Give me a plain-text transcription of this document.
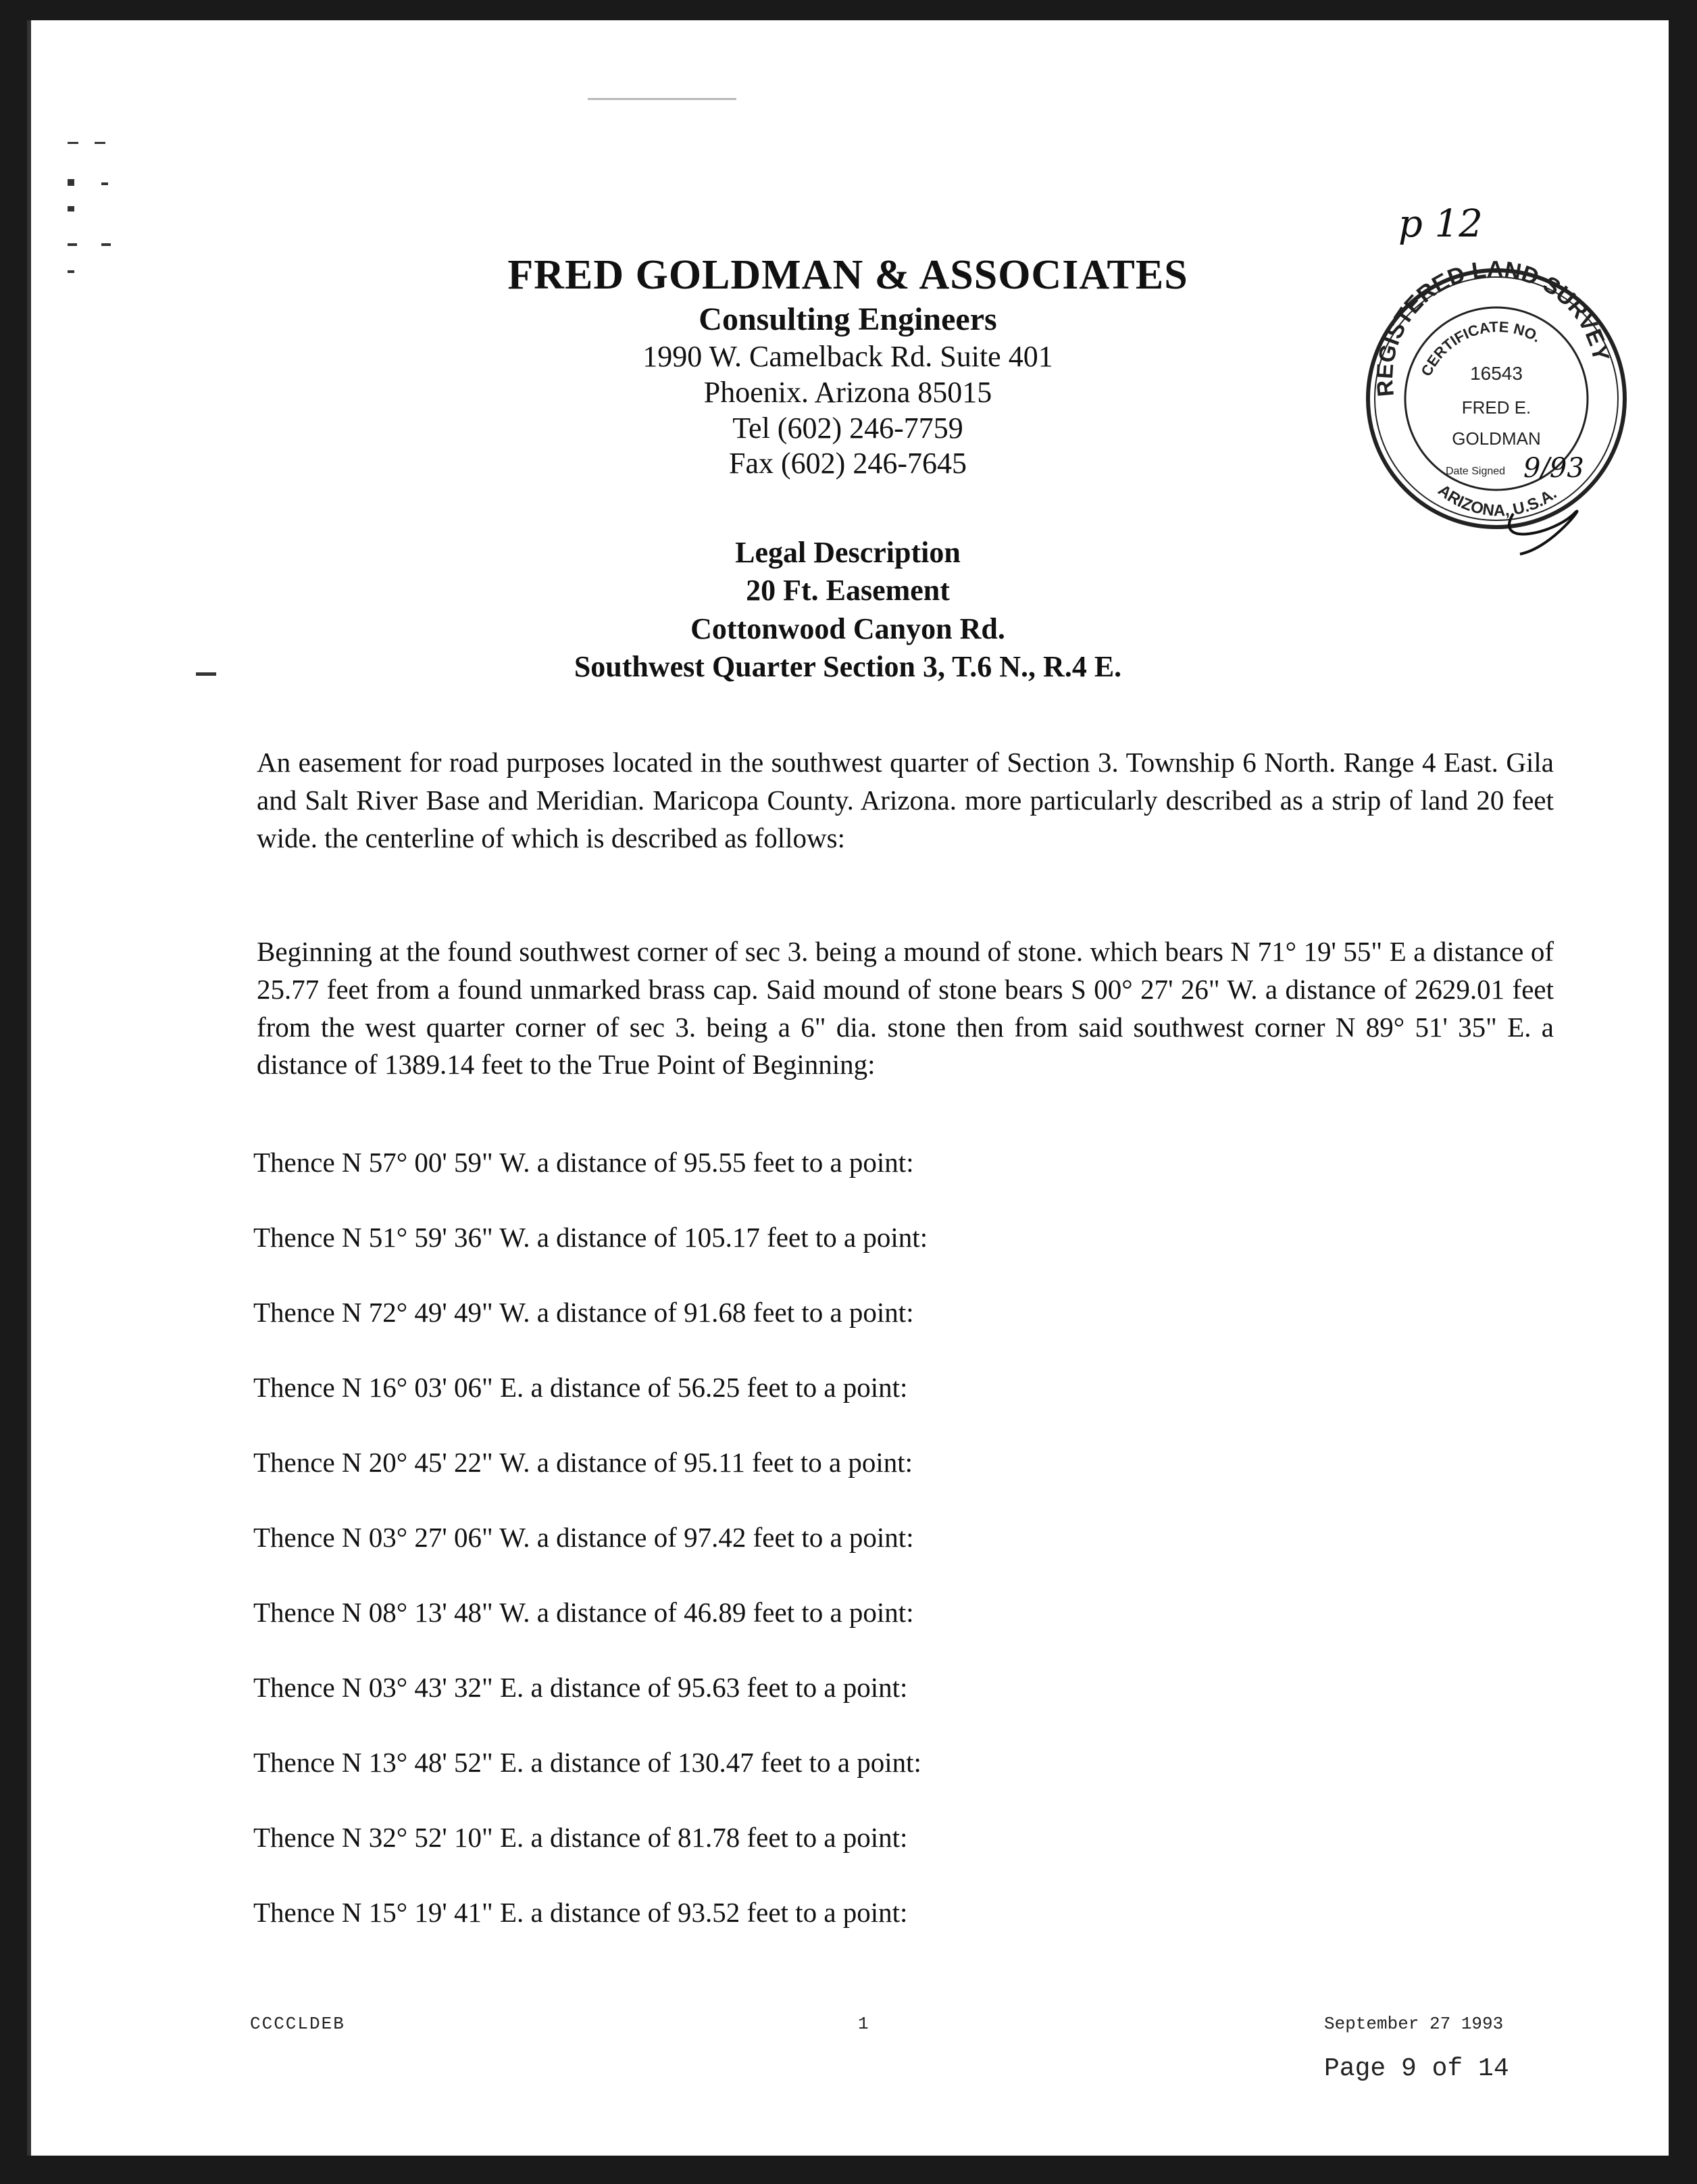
FRED GOLDMAN & ASSOCIATES
Consulting Engineers
1990 W. Camelback Rd. Suite 401
Phoenix. Arizona 85015
Tel (602) 246-7759
Fax (602) 246-7645
REGISTERED LAND SURVEY
CERTIFICATE NO.
16543
FRED E.
GOLDMAN
Date Signed 9/93
ARIZONA, U.S.A.
p 12
Legal Description
20 Ft. Easement
Cottonwood Canyon Rd.
Southwest Quarter Section 3, T.6 N., R.4 E.

An easement for road purposes located in the southwest quarter of Section 3. Township 6 North. Range 4 East. Gila and Salt River Base and Meridian. Maricopa County. Arizona. more particularly described as a strip of land 20 feet wide. the centerline of which is described as follows:

Beginning at the found southwest corner of sec 3. being a mound of stone. which bears N 71° 19' 55" E a distance of 25.77 feet from a found unmarked brass cap. Said mound of stone bears S 00° 27' 26" W. a distance of 2629.01 feet from the west quarter corner of sec 3. being a 6" dia. stone then from said southwest corner N 89° 51' 35" E. a distance of 1389.14 feet to the True Point of Beginning:

Thence N 57° 00' 59" W. a distance of 95.55 feet to a point:
Thence N 51° 59' 36" W. a distance of 105.17 feet to a point:
Thence N 72° 49' 49" W. a distance of 91.68 feet to a point:
Thence N 16° 03' 06" E. a distance of 56.25 feet to a point:
Thence N 20° 45' 22" W. a distance of 95.11 feet to a point:
Thence N 03° 27' 06" W. a distance of 97.42 feet to a point:
Thence N 08° 13' 48" W. a distance of 46.89 feet to a point:
Thence N 03° 43' 32" E. a distance of 95.63 feet to a point:
Thence N 13° 48' 52" E. a distance of 130.47 feet to a point:
Thence N 32° 52' 10" E. a distance of 81.78 feet to a point:
Thence N 15° 19' 41" E. a distance of 93.52 feet to a point:
CCCCLDEB	1	September 27 1993
Page 9 of 14
